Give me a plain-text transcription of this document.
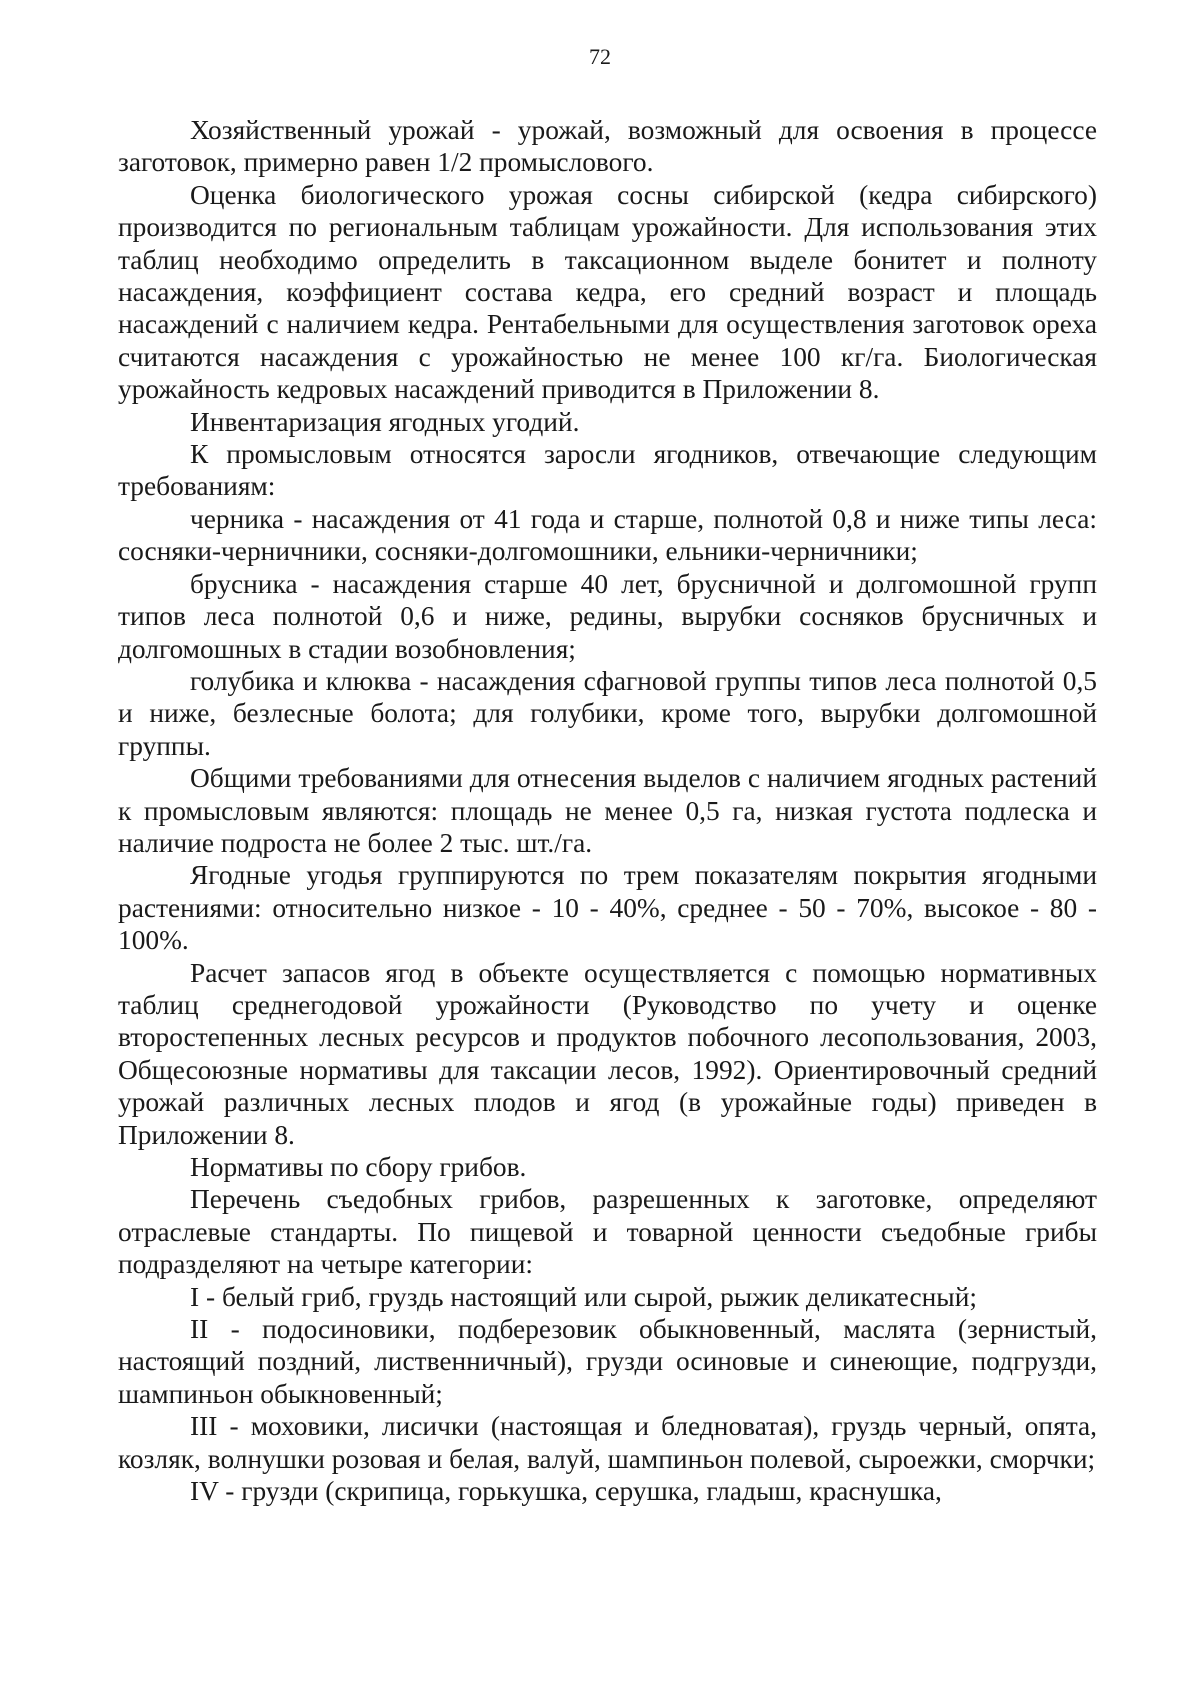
72

Хозяйственный урожай - урожай, возможный для освоения в процессе заготовок, примерно равен 1/2 промыслового.

Оценка биологического урожая сосны сибирской (кедра сибирского) производится по региональным таблицам урожайности. Для использования этих таблиц необходимо определить в таксационном выделе бонитет и полноту насаждения, коэффициент состава кедра, его средний возраст и площадь насаждений с наличием кедра. Рентабельными для осуществления заготовок ореха считаются насаждения с урожайностью не менее 100 кг/га. Биологическая урожайность кедровых насаждений приводится в Приложении 8.

Инвентаризация ягодных угодий.

К промысловым относятся заросли ягодников, отвечающие следующим требованиям:

черника - насаждения от 41 года и старше, полнотой 0,8 и ниже типы леса: сосняки-черничники, сосняки-долгомошники, ельники-черничники;

брусника - насаждения старше 40 лет, брусничной и долгомошной групп типов леса полнотой 0,6 и ниже, редины, вырубки сосняков брусничных и долгомошных в стадии возобновления;

голубика и клюква - насаждения сфагновой группы типов леса полнотой 0,5 и ниже, безлесные болота; для голубики, кроме того, вырубки долгомошной группы.

Общими требованиями для отнесения выделов с наличием ягодных растений к промысловым являются: площадь не менее 0,5 га, низкая густота подлеска и наличие подроста не более 2 тыс. шт./га.

Ягодные угодья группируются по трем показателям покрытия ягодными растениями: относительно низкое - 10 - 40%, среднее - 50 - 70%, высокое - 80 - 100%.

Расчет запасов ягод в объекте осуществляется с помощью нормативных таблиц среднегодовой урожайности (Руководство по учету и оценке второстепенных лесных ресурсов и продуктов побочного лесопользования, 2003, Общесоюзные нормативы для таксации лесов, 1992). Ориентировочный средний урожай различных лесных плодов и ягод (в урожайные годы) приведен в Приложении 8.

Нормативы по сбору грибов.

Перечень съедобных грибов, разрешенных к заготовке, определяют отраслевые стандарты. По пищевой и товарной ценности съедобные грибы подразделяют на четыре категории:

I - белый гриб, груздь настоящий или сырой, рыжик деликатесный;

II - подосиновики, подберезовик обыкновенный, маслята (зернистый, настоящий поздний, лиственничный), грузди осиновые и синеющие, подгрузди, шампиньон обыкновенный;

III - моховики, лисички (настоящая и бледноватая), груздь черный, опята, козляк, волнушки розовая и белая, валуй, шампиньон полевой, сыроежки, сморчки;

IV - грузди (скрипица, горькушка, серушка, гладыш, краснушка,
